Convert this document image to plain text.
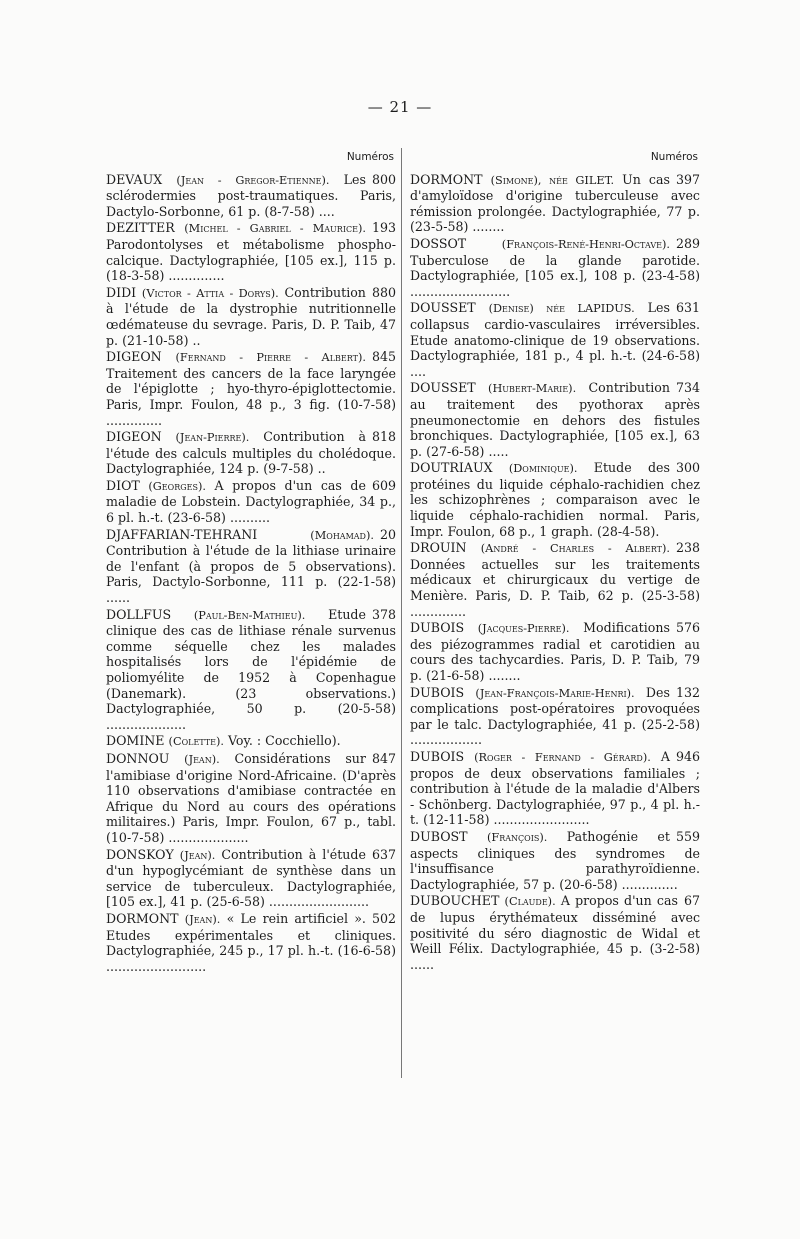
— 21 —
Numéros
800
DEVAUX (Jean - Gregor-Etienne). Les sclérodermies post-traumatiques. Paris, Dactylo-Sorbonne, 61 p. (8-7-58) ....
193
DEZITTER (Michel - Gabriel - Maurice). Parodontolyses et métabolisme phospho-calcique. Dactylographiée, [105 ex.], 115 p. (18-3-58) ..............
880
DIDI (Victor - Attia - Dorys). Contribution à l'étude de la dystrophie nutritionnelle œdémateuse du sevrage. Paris, D. P. Taib, 47 p. (21-10-58) ..
845
DIGEON (Fernand - Pierre - Albert). Traitement des cancers de la face laryngée de l'épiglotte ; hyo-thyro-épiglottectomie. Paris, Impr. Foulon, 48 p., 3 fig. (10-7-58) ..............
818
DIGEON (Jean-Pierre). Contribution à l'étude des calculs multiples du cholédoque. Dactylographiée, 124 p. (9-7-58) ..
609
DIOT (Georges). A propos d'un cas de maladie de Lobstein. Dactylographiée, 34 p., 6 pl. h.-t. (23-6-58) ..........
20
DJAFFARIAN-TEHRANI	(Mohamad). Contribution à l'étude de la lithiase urinaire de l'enfant (à propos de 5 observations). Paris, Dactylo-Sorbonne, 111 p. (22-1-58) ......
378
DOLLFUS (Paul-Ben-Mathieu). Etude clinique des cas de lithiase rénale survenus comme séquelle chez les malades hospitalisés lors de l'épidémie de poliomyélite de 1952 à Copenhague (Danemark). (23 observations.) Dactylographiée, 50 p. (20-5-58) ....................
DOMINE (Colette). Voy. : Cocchiello).
847
DONNOU (Jean). Considérations sur l'amibiase d'origine Nord-Africaine. (D'après 110 observations d'amibiase contractée en Afrique du Nord au cours des opérations militaires.) Paris, Impr. Foulon, 67 p., tabl. (10-7-58) ....................
637
DONSKOY (Jean). Contribution à l'étude d'un hypoglycémiant de synthèse dans un service de tuberculeux. Dactylographiée, [105 ex.], 41 p. (25-6-58) .........................
502
DORMONT (Jean). « Le rein artificiel ». Etudes expérimentales et cliniques. Dactylographiée, 245 p., 17 pl. h.-t. (16-6-58) .........................
Numéros
397
DORMONT (Simone), née GILET. Un cas d'amyloïdose d'origine tuberculeuse avec rémission prolongée. Dactylographiée, 77 p. (23-5-58) ........
289
DOSSOT	(François-René-Henri-Octave). Tuberculose de la glande parotide. Dactylographiée, [105 ex.], 108 p. (23-4-58) .........................
631
DOUSSET (Denise) née LAPIDUS. Les collapsus cardio-vasculaires irréversibles. Etude anatomo-clinique de 19 observations. Dactylographiée, 181 p., 4 pl. h.-t. (24-6-58) ....
734
DOUSSET (Hubert-Marie). Contribution au traitement des pyothorax après pneumonectomie en dehors des fistules bronchiques. Dactylographiée, [105 ex.], 63 p. (27-6-58) .....
300
DOUTRIAUX (Dominique). Etude des protéines du liquide céphalo-rachidien chez les schizophrènes ; comparaison avec le liquide céphalo-rachidien normal. Paris, Impr. Foulon, 68 p., 1 graph. (28-4-58).
238
DROUIN (André - Charles - Albert). Données actuelles sur les traitements médicaux et chirurgicaux du vertige de Menière. Paris, D. P. Taib, 62 p. (25-3-58) ..............
576
DUBOIS (Jacques-Pierre). Modifications des piézogrammes radial et carotidien au cours des tachycardies. Paris, D. P. Taib, 79 p. (21-6-58) ........
132
DUBOIS (Jean-François-Marie-Henri). Des complications post-opératoires provoquées par le talc. Dactylographiée, 41 p. (25-2-58) ..................
946
DUBOIS (Roger - Fernand - Gérard). A propos de deux observations familiales ; contribution à l'étude de la maladie d'Albers - Schönberg. Dactylographiée, 97 p., 4 pl. h.-t. (12-11-58) ........................
559
DUBOST (François). Pathogénie et aspects cliniques des syndromes de l'insuffisance parathyroïdienne. Dactylographiée, 57 p. (20-6-58) ..............
67
DUBOUCHET (Claude). A propos d'un cas de lupus érythémateux disséminé avec positivité du séro diagnostic de Widal et Weill Félix. Dactylographiée, 45 p. (3-2-58) ......
